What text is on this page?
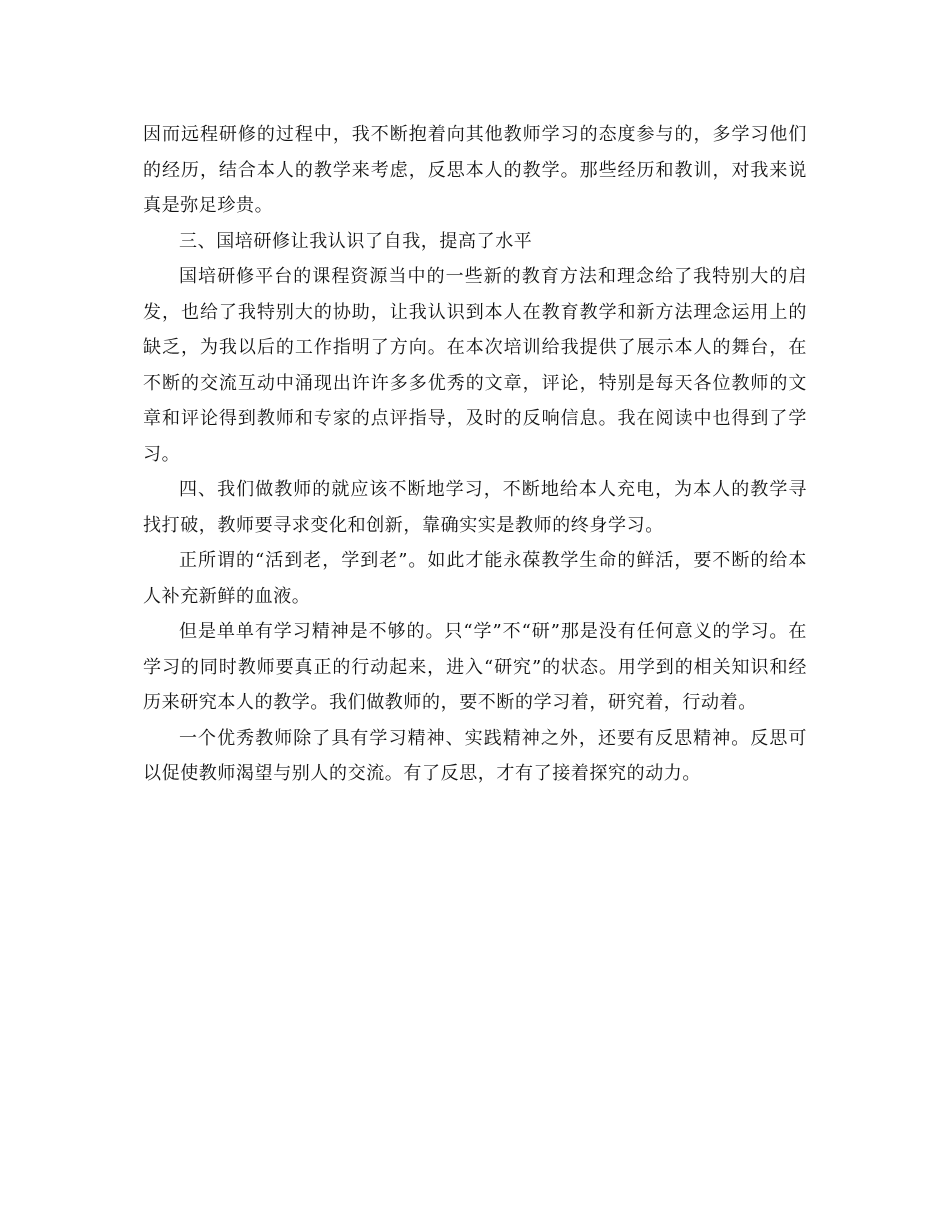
因而远程研修的过程中，我不断抱着向其他教师学习的态度参与的，多学习他们的经历，结合本人的教学来考虑，反思本人的教学。那些经历和教训，对我来说真是弥足珍贵。

三、国培研修让我认识了自我，提高了水平

国培研修平台的课程资源当中的一些新的教育方法和理念给了我特别大的启发，也给了我特别大的协助，让我认识到本人在教育教学和新方法理念运用上的缺乏，为我以后的工作指明了方向。在本次培训给我提供了展示本人的舞台，在不断的交流互动中涌现出许许多多优秀的文章，评论，特别是每天各位教师的文章和评论得到教师和专家的点评指导，及时的反响信息。我在阅读中也得到了学习。

四、我们做教师的就应该不断地学习，不断地给本人充电，为本人的教学寻找打破，教师要寻求变化和创新，靠确实实是教师的终身学习。

正所谓的“活到老，学到老”。如此才能永葆教学生命的鲜活，要不断的给本人补充新鲜的血液。

但是单单有学习精神是不够的。只“学”不“研”那是没有任何意义的学习。在学习的同时教师要真正的行动起来，进入“研究”的状态。用学到的相关知识和经历来研究本人的教学。我们做教师的，要不断的学习着，研究着，行动着。

一个优秀教师除了具有学习精神、实践精神之外，还要有反思精神。反思可以促使教师渴望与别人的交流。有了反思，才有了接着探究的动力。
